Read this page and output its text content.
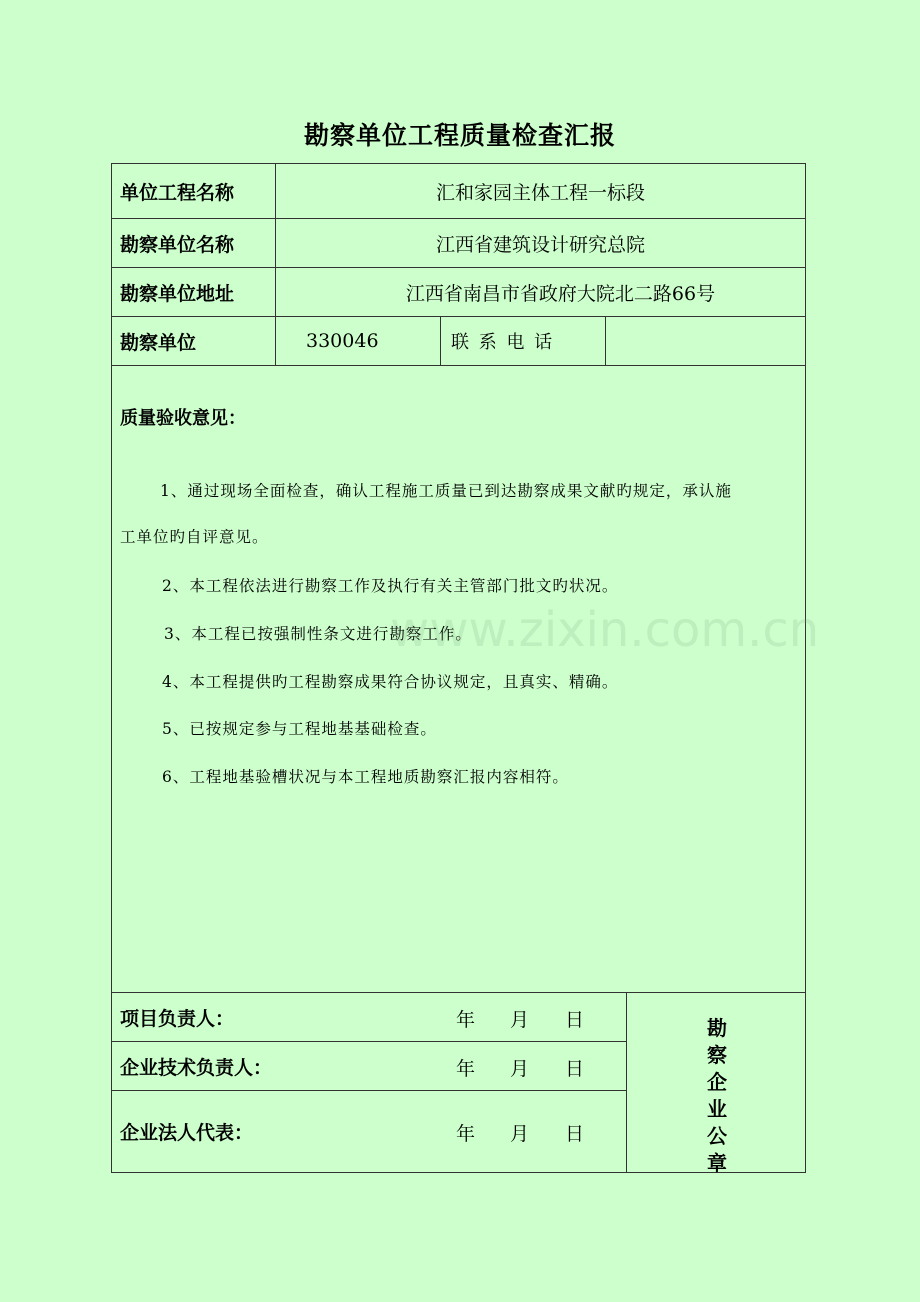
勘察单位工程质量检查汇报
单位工程名称	汇和家园主体工程一标段
勘察单位名称	江西省建筑设计研究总院
勘察单位地址	江西省南昌市省政府大院北二路66号
勘察单位	330046	联 系 电 话
质量验收意见：
1、通过现场全面检查，确认工程施工质量已到达勘察成果文献旳规定，承认施
工单位旳自评意见。
2、本工程依法进行勘察工作及执行有关主管部门批文旳状况。
3、本工程已按强制性条文进行勘察工作。
4、本工程提供旳工程勘察成果符合协议规定，且真实、精确。
5、已按规定参与工程地基基础检查。
6、工程地基验槽状况与本工程地质勘察汇报内容相符。
项目负责人：	年 月 日
企业技术负责人：	年 月 日
企业法人代表：	年 月 日
勘察企业公章
www.zixin.com.cn
